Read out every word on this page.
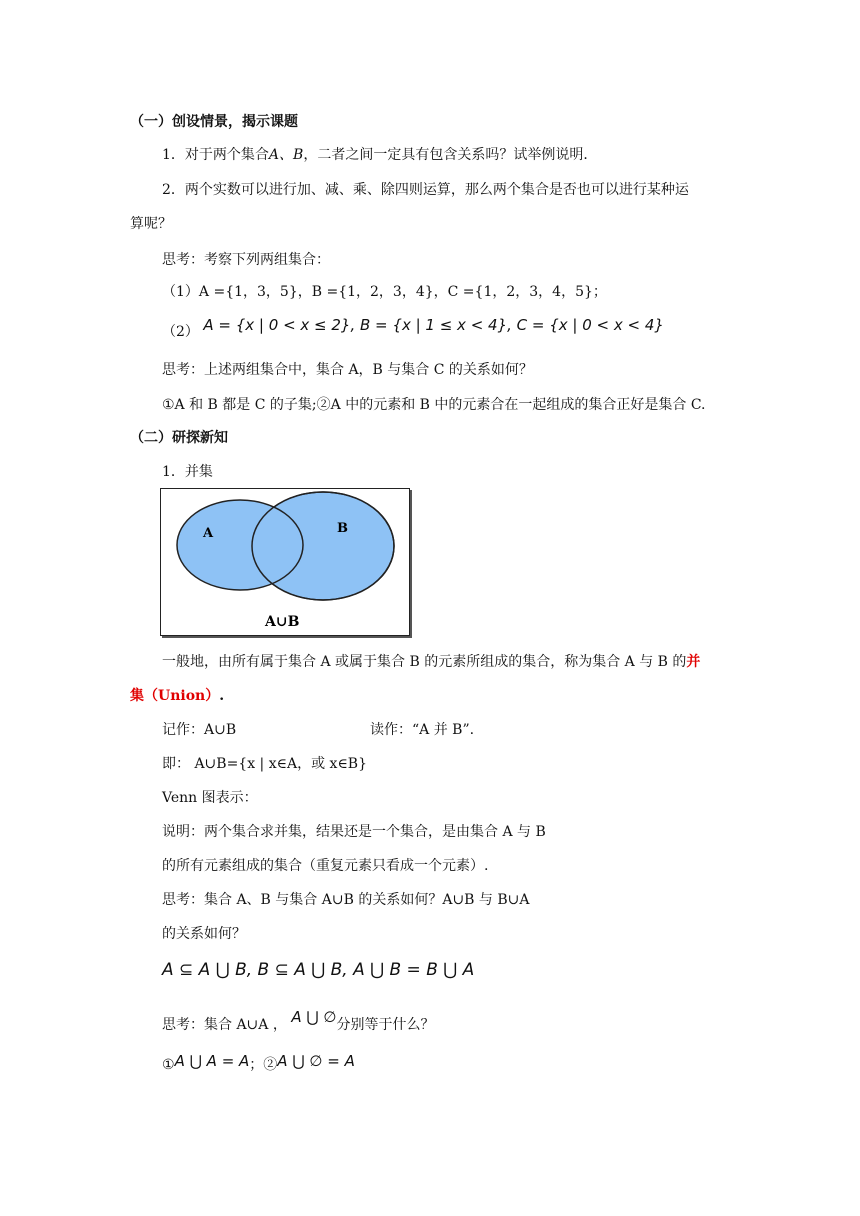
（一）创设情景，揭示课题
1．对于两个集合A、B，二者之间一定具有包含关系吗？试举例说明．
2．两个实数可以进行加、减、乘、除四则运算，那么两个集合是否也可以进行某种运
算呢？
思考：考察下列两组集合：
（1）A ={1，3，5}，B ={1，2，3，4}，C ={1，2，3，4，5}；
（2） A = {x | 0 < x ≤ 2}, B = {x | 1 ≤ x < 4}, C = {x | 0 < x < 4}
思考：上述两组集合中，集合 A，B 与集合 C 的关系如何？
①A 和 B 都是 C 的子集;②A 中的元素和 B 中的元素合在一起组成的集合正好是集合 C.
（二）研探新知
1．并集
A	B
A∪B
一般地，由所有属于集合 A 或属于集合 B 的元素所组成的集合，称为集合 A 与 B 的并
集（Union）.
记作：A∪B	读作：“A 并 B”.
即： A∪B={x | x∈A，或 x∈B}
Venn 图表示：
说明：两个集合求并集，结果还是一个集合，是由集合 A 与 B
的所有元素组成的集合（重复元素只看成一个元素）.
思考：集合 A、B 与集合 A∪B 的关系如何？A∪B 与 B∪A
的关系如何？
A ⊆ A ⋃ B, B ⊆ A ⋃ B, A ⋃ B = B ⋃ A
思考：集合 A∪A ， A ⋃ ∅分别等于什么？
①A ⋃ A = A；②A ⋃ ∅ = A
